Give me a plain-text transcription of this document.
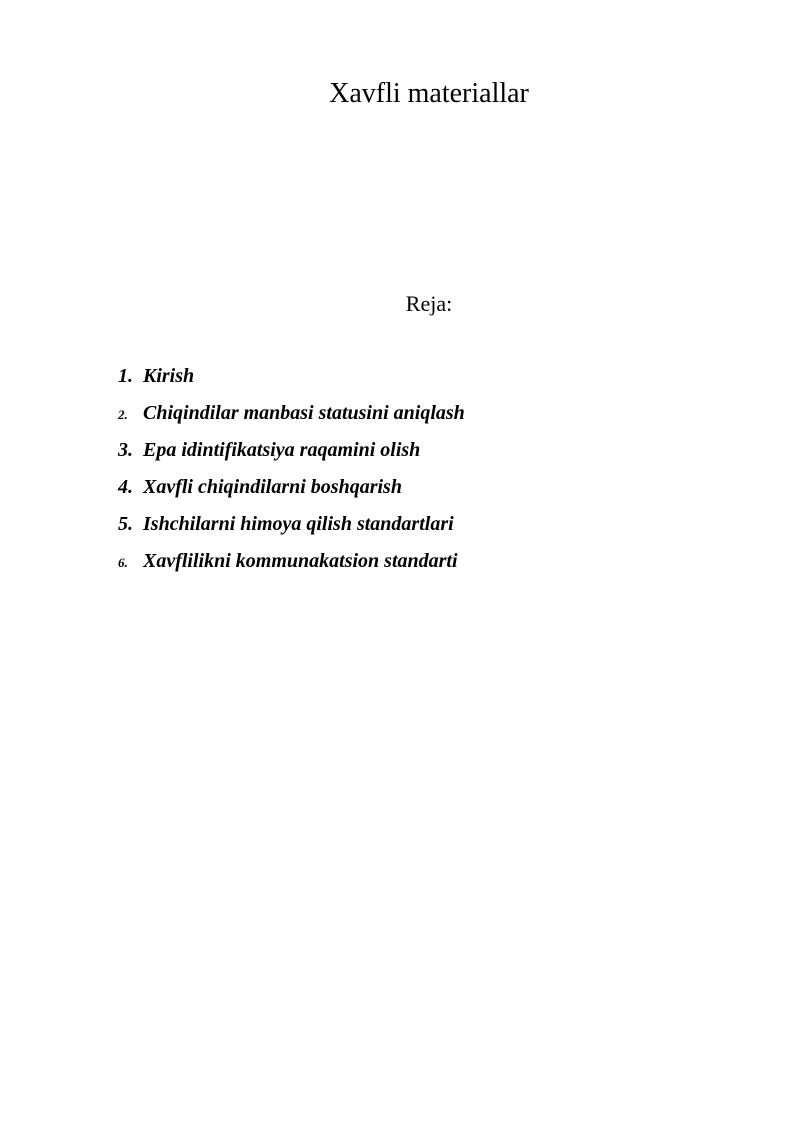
Xavfli materiallar
Reja:
1. Kirish
2. Chiqindilar manbasi statusini aniqlash
3. Epa idintifikatsiya raqamini olish
4. Xavfli chiqindilarni boshqarish
5. Ishchilarni himoya qilish standartlari
6. Xavflilikni kommunakatsion standarti
